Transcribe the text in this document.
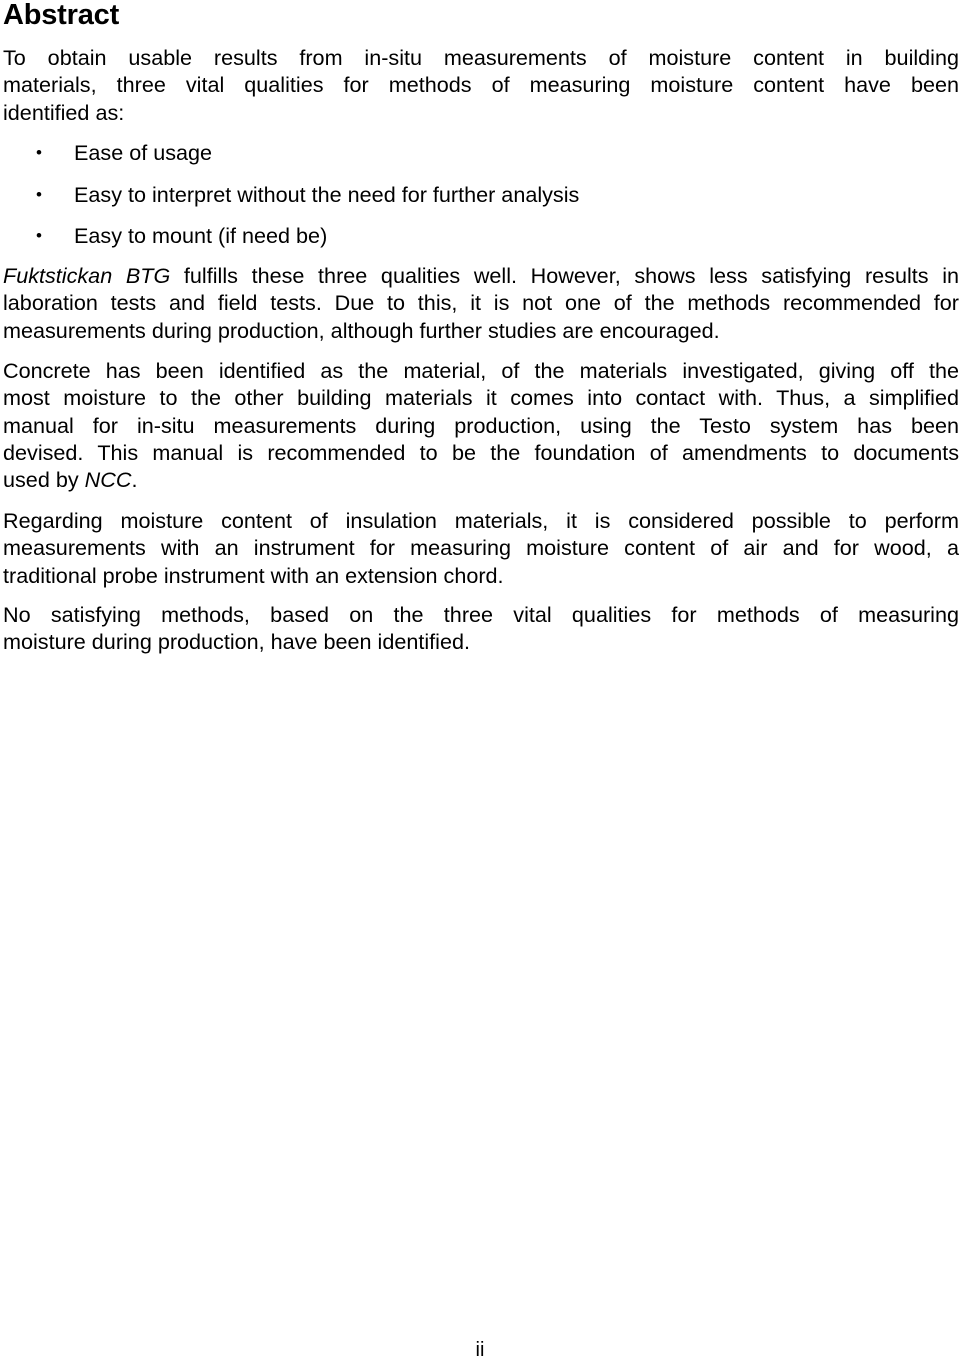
Abstract

To obtain usable results from in-situ measurements of moisture content in building
materials, three vital qualities for methods of measuring moisture content have been
identified as:

• Ease of usage
• Easy to interpret without the need for further analysis
• Easy to mount (if need be)

Fuktstickan BTG fulfills these three qualities well. However, shows less satisfying results in
laboration tests and field tests. Due to this, it is not one of the methods recommended for
measurements during production, although further studies are encouraged.

Concrete has been identified as the material, of the materials investigated, giving off the
most moisture to the other building materials it comes into contact with. Thus, a simplified
manual for in-situ measurements during production, using the Testo system has been
devised. This manual is recommended to be the foundation of amendments to documents
used by NCC.

Regarding moisture content of insulation materials, it is considered possible to perform
measurements with an instrument for measuring moisture content of air and for wood, a
traditional probe instrument with an extension chord.

No satisfying methods, based on the three vital qualities for methods of measuring
moisture during production, have been identified.

ii
